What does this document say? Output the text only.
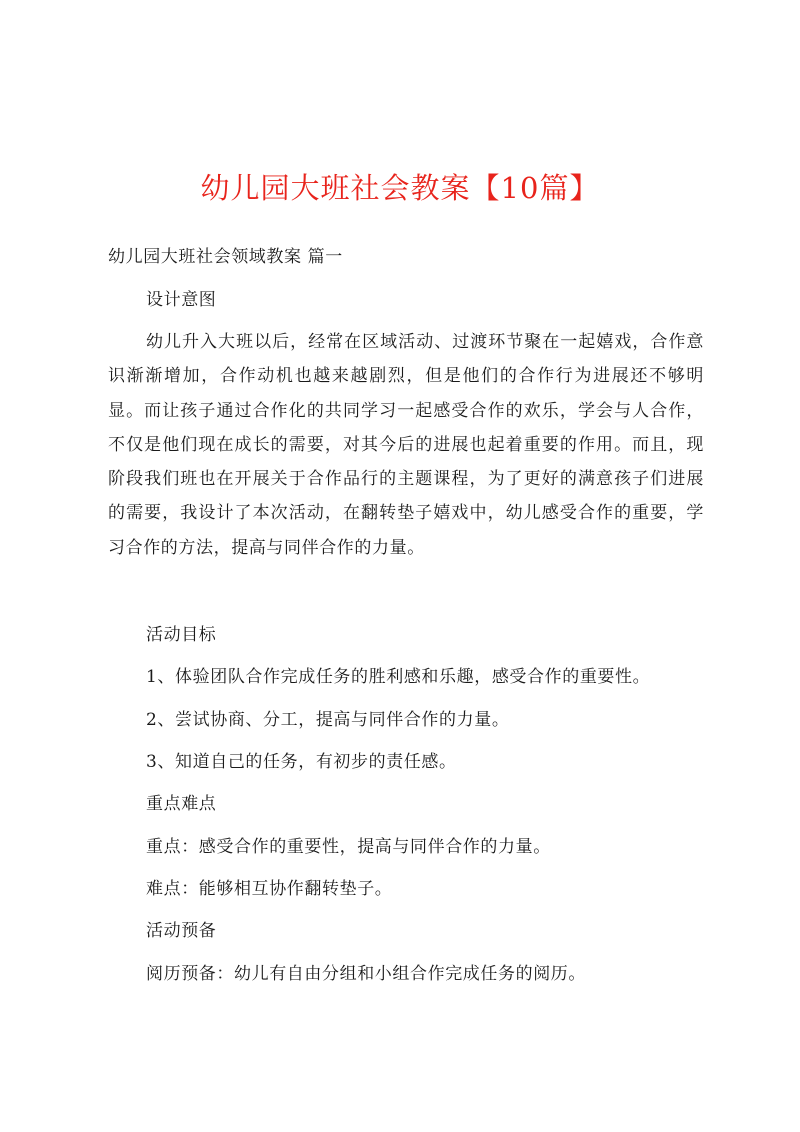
幼儿园大班社会教案【10篇】
幼儿园大班社会领域教案 篇一
设计意图
幼儿升入大班以后，经常在区域活动、过渡环节聚在一起嬉戏，合作意识渐渐增加，合作动机也越来越剧烈，但是他们的合作行为进展还不够明显。而让孩子通过合作化的共同学习一起感受合作的欢乐，学会与人合作，不仅是他们现在成长的需要，对其今后的进展也起着重要的作用。而且，现阶段我们班也在开展关于合作品行的主题课程，为了更好的满意孩子们进展的需要，我设计了本次活动，在翻转垫子嬉戏中，幼儿感受合作的重要，学习合作的方法，提高与同伴合作的力量。
活动目标
1、体验团队合作完成任务的胜利感和乐趣，感受合作的重要性。
2、尝试协商、分工，提高与同伴合作的力量。
3、知道自己的任务，有初步的责任感。
重点难点
重点：感受合作的重要性，提高与同伴合作的力量。
难点：能够相互协作翻转垫子。
活动预备
阅历预备：幼儿有自由分组和小组合作完成任务的阅历。
